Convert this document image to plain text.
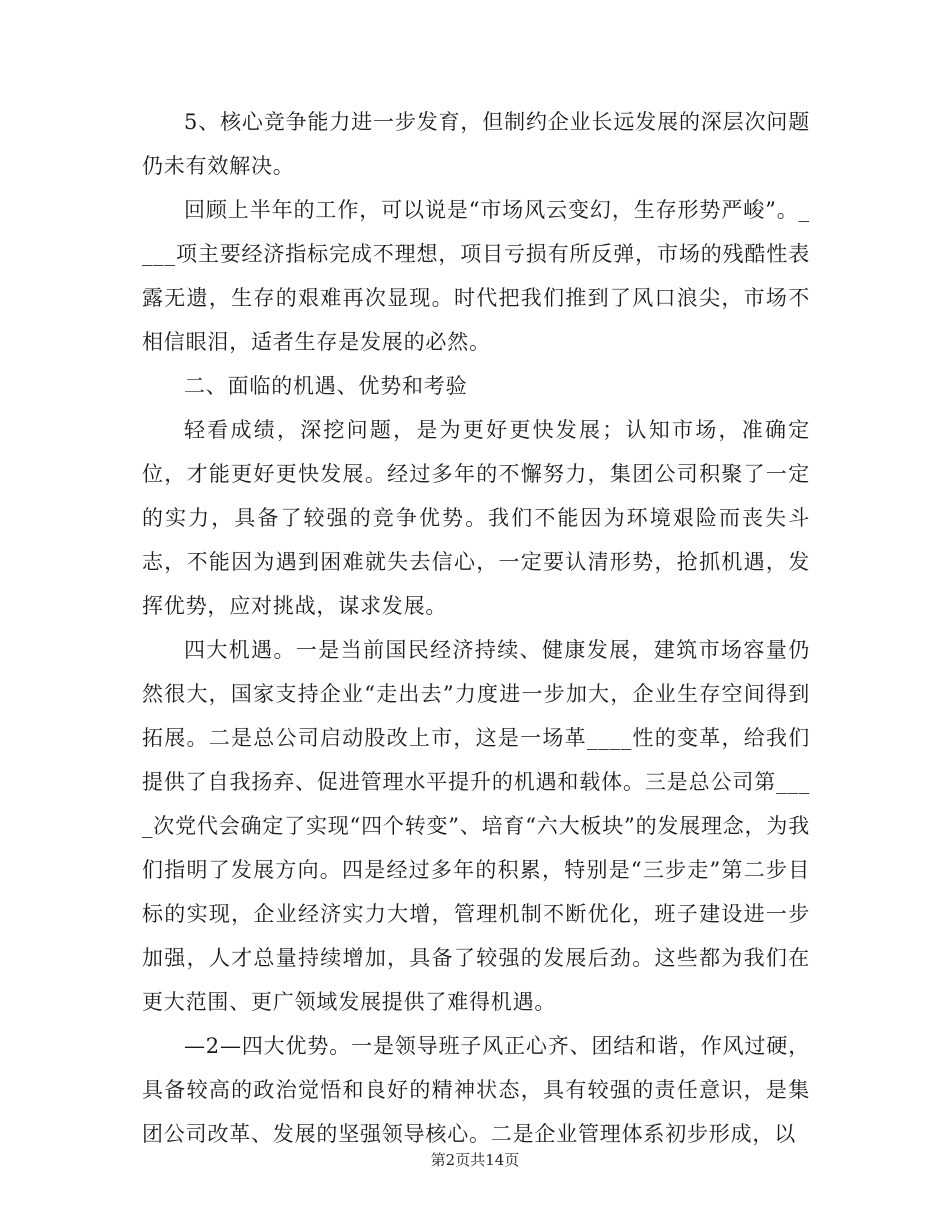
5、核心竞争能力进一步发育，但制约企业长远发展的深层次问题仍未有效解决。

回顾上半年的工作，可以说是“市场风云变幻，生存形势严峻”。____项主要经济指标完成不理想，项目亏损有所反弹，市场的残酷性表露无遗，生存的艰难再次显现。时代把我们推到了风口浪尖，市场不相信眼泪，适者生存是发展的必然。

二、面临的机遇、优势和考验

轻看成绩，深挖问题，是为更好更快发展；认知市场，准确定位，才能更好更快发展。经过多年的不懈努力，集团公司积聚了一定的实力，具备了较强的竞争优势。我们不能因为环境艰险而丧失斗志，不能因为遇到困难就失去信心，一定要认清形势，抢抓机遇，发挥优势，应对挑战，谋求发展。

四大机遇。一是当前国民经济持续、健康发展，建筑市场容量仍然很大，国家支持企业“走出去”力度进一步加大，企业生存空间得到拓展。二是总公司启动股改上市，这是一场革____性的变革，给我们提供了自我扬弃、促进管理水平提升的机遇和载体。三是总公司第____次党代会确定了实现“四个转变”、培育“六大板块”的发展理念，为我们指明了发展方向。四是经过多年的积累，特别是“三步走”第二步目标的实现，企业经济实力大增，管理机制不断优化，班子建设进一步加强，人才总量持续增加，具备了较强的发展后劲。这些都为我们在更大范围、更广领域发展提供了难得机遇。

—2—四大优势。一是领导班子风正心齐、团结和谐，作风过硬，具备较高的政治觉悟和良好的精神状态，具有较强的责任意识，是集团公司改革、发展的坚强领导核心。二是企业管理体系初步形成，以

第2页共14页
